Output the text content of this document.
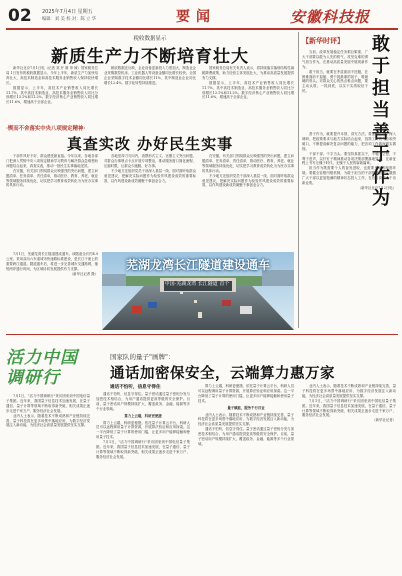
02 2025年7月4日 星期五
编辑：刘 美 校 对：陈 立 华	要闻	安徽科技报
税收数据显示
新质生产力不断培育壮大

新华社北京7月1日电（记者 刘 开 雄 申 铖）国家税务总局 1日发布的税收数据显示，今年上半年，新质生产力加快培育壮大，高技术制造业和高技术服务业销售收入保持较快增长。

数据显示，上半年，高技术产业销售收入同比增长11.7%，其中高技术制造业、高技术服务业销售收入同比分别增长13.1%和11.2%。数字经济核心产业销售收入同比增长11.6%，增速高于全部企业。

税收数据还反映，企业设备更新投入力度加大，制造业企业采购数控机床、工业机器人等设备金额同比增长较快。全国企业采购数字技术金额同比增长11%，其中制造业企业同比增长12.4%，数字化转型持续推进。

国家税务总局有关负责人表示，将持续落实落细结构性减税降费政策，助力经营主体发展壮大，为推动高质量发展提供有力支撑。

数据显示，上半年，高技术产业销售收入同比增长11.7%，其中高技术制造业、高技术服务业销售收入同比分别增长13.1%和11.2%。数字经济核心产业销售收入同比增长11.6%，增速高于全部企业。

·锲而不舍落实中央八项规定精神·
真查实改 办好民生实事

干部作风好不好，群众感受最直接。今年以来，各地各部门把深入贯彻中央八项规定精神学习教育与解决群众急难愁盼问题结合起来，真查实改，推动一批民生实事落地见效。

在安徽，有关部门围绕群众反映强烈的突出问题，建立问题清单、任务清单、责任清单，推动医疗、教育、养老、就业等领域服务持续优化，切实把学习教育成效转化为为民办实事的具体行动。

各地坚持刀刃向内，查摆形式主义、官僚主义突出问题，对群众办事堵点卡点开展专项整治，推动服务窗口简化流程、压缩时限，让群众少跑腿、好办事。

不少地方还组织党员干部深入基层一线，面对面听取群众意见建议，把解决实际问题作为检验作风建设成效的重要标准，以作风建设新成效凝聚干事创业合力。

在安徽，有关部门围绕群众反映强烈的突出问题，建立问题清单、任务清单、责任清单，推动医疗、教育、养老、就业等领域服务持续优化，切实把学习教育成效转化为为民办实事的具体行动。

不少地方还组织党员干部深入基层一线，面对面听取群众意见建议，把解决实际问题作为检验作风建设成效的重要标准，以作风建设新成效凝聚干事创业合力。

7月1日，芜湖龙湾长江隧道建成通车。该隧道全长约4.9公里，采用双向六车道城市快速路标准建设，是长江干流上的重要跨江通道。隧道通车后，将进一步完善城市交通路网，缩短两岸通行时间，为区域协同发展提供有力支撑。

（新华社记者 摄）

中国·芜湖龙湾 长江隧道 首个
芜湖龙湾长江隧道建设通车
【新华时评】 敢于担当 善于作为

当前，改革发展稳定任务艰巨繁重，广大干部要以敢为人先的锐气、攻坚克难的勇气担当作为，在推动高质量发展中展现新作为。

敢于担当，就要在矛盾面前不回避、在困难面前不退缩，勇于挑最重的担子、啃最硬的骨头。对群众关心的热点难点问题，要主动认领、一抓到底，以实干实绩取信于民。

善于作为，就要提升本领、讲究方法。要加强学习、深入调研，把政策要求与地方实际结合起来，找准工作切入点和突破口，不断提高解决复杂问题的能力，把各项工作做深做实做细。

干部干部，干字当头。要坚持真抓实干，不驰于空想、不骛于虚声，以钉钉子精神推动各项决策部署落地见效，在新征程上书写无愧于时代、无愧于人民的崭新篇章。

担当作为既需要个人的奋发进取，也需要良好的制度环境。要健全容错纠错机制，为敢于担当的干部撑腰鼓劲，激励广大干部以更加饱满的精神状态投入工作，在各自岗位上干出新业绩。

（新华社北京7月2日电）

活力中国调研行

7月1日，"活力中国调研行"采访团来到中国电信量子集团。近年来，我国量子信息技术加速发展，在量子通信、量子计算等领域不断取得新突破，相关成果正逐步走进千家万户，服务经济社会发展。

业内人士表示，随着技术不断成熟和产业链持续完善，量子科技将在更多场景中落地应用，为数字经济发展注入新动能，为经济社会高质量发展提供坚实支撑。

国家队的量子"画牌"：
通话加密保安全，云端算力惠万家
通话不怕听，信息守得住

通话不怕听，信息守得住。量子密话通过量子密钥分发与加密技术相结合，为用户通话提供更高等级的安全保护。目前，量子密话用户规模持续扩大，覆盖政务、金融、能源等多个行业领域。

算力上云端，科研更便捷

算力上云端，科研更便捷。依托量子计算云平台，科研人员可以远程调用量子计算资源，开展算法验证和应用探索。这一平台降低了量子计算的使用门槛，让更多用户能够接触和使用量子技术。

7月1日，"活力中国调研行"采访团来到中国电信量子集团。近年来，我国量子信息技术加速发展，在量子通信、量子计算等领域不断取得新突破，相关成果正逐步走进千家万户，服务经济社会发展。

算力上云端，科研更便捷。依托量子计算云平台，科研人员可以远程调用量子计算资源，开展算法验证和应用探索。这一平台降低了量子计算的使用门槛，让更多用户能够接触和使用量子技术。

量子赋能，服务千行百业

业内人士表示，随着技术不断成熟和产业链持续完善，量子科技将在更多场景中落地应用，为数字经济发展注入新动能，为经济社会高质量发展提供坚实支撑。

通话不怕听，信息守得住。量子密话通过量子密钥分发与加密技术相结合，为用户通话提供更高等级的安全保护。目前，量子密话用户规模持续扩大，覆盖政务、金融、能源等多个行业领域。

业内人士表示，随着技术不断成熟和产业链持续完善，量子科技将在更多场景中落地应用，为数字经济发展注入新动能，为经济社会高质量发展提供坚实支撑。

7月1日，"活力中国调研行"采访团来到中国电信量子集团。近年来，我国量子信息技术加速发展，在量子通信、量子计算等领域不断取得新突破，相关成果正逐步走进千家万户，服务经济社会发展。

（新华社记者）
